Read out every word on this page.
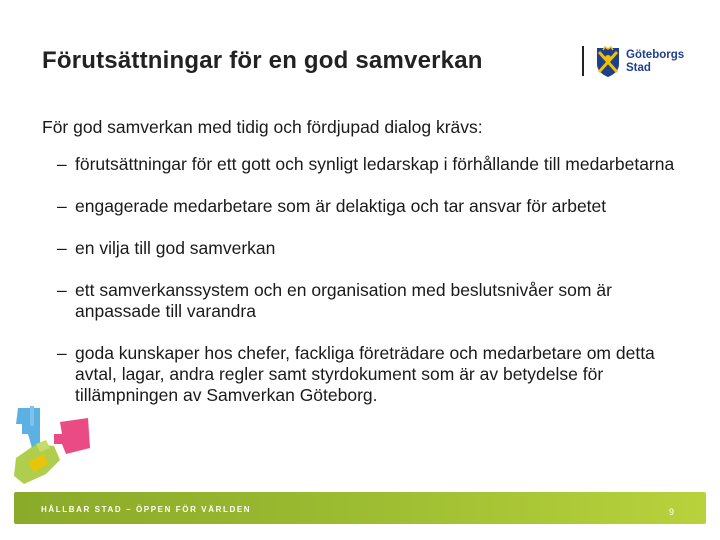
Förutsättningar för en god samverkan	Göteborgs
Stad
För god samverkan med tidig och fördjupad dialog krävs:
– förutsättningar för ett gott och synligt ledarskap i förhållande till medarbetarna
– engagerade medarbetare som är delaktiga och tar ansvar för arbetet
– en vilja till god samverkan
– ett samverkanssystem och en organisation med beslutsnivåer som är anpassade till varandra
– goda kunskaper hos chefer, fackliga företrädare och medarbetare om detta avtal, lagar, andra regler samt styrdokument som är av betydelse för tillämpningen av Samverkan Göteborg.
HÅLLBAR STAD – ÖPPEN FÖR VÄRLDEN	9
